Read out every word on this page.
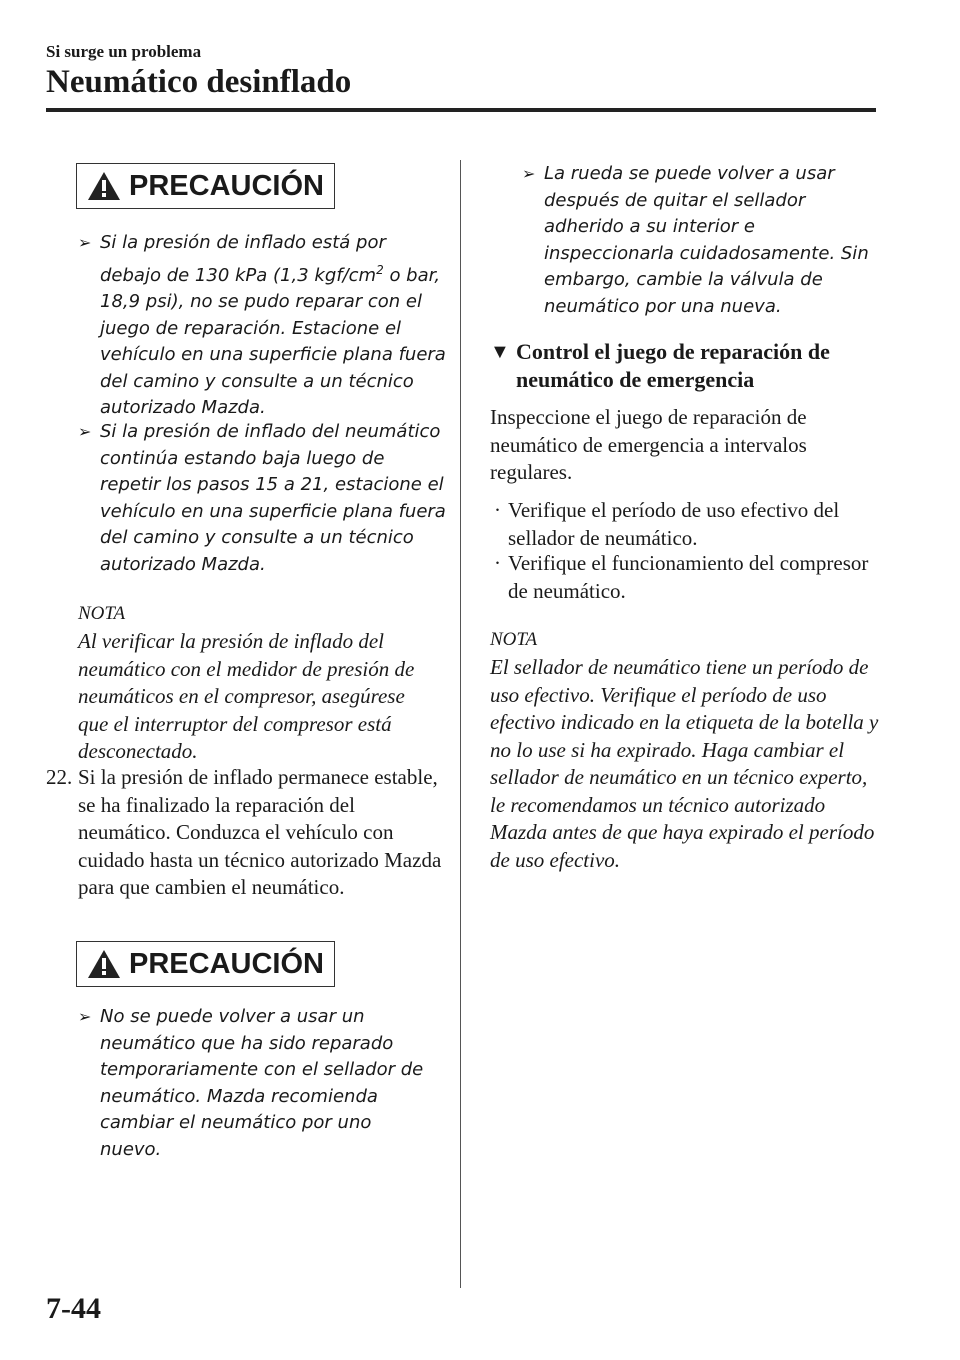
Si surge un problema
Neumático desinflado
PRECAUCIÓN
➢ Si la presión de inflado está por debajo de 130 kPa (1,3 kgf/$cm^2$ o bar, 18,9 psi), no se pudo reparar con el juego de reparación. Estacione el vehículo en una superficie plana fuera del camino y consulte a un técnico autorizado Mazda.
➢ Si la presión de inflado del neumático continúa estando baja luego de repetir los pasos 15 a 21, estacione el vehículo en una superficie plana fuera del camino y consulte a un técnico autorizado Mazda.
NOTA
Al verificar la presión de inflado del neumático con el medidor de presión de neumáticos en el compresor, asegúrese que el interruptor del compresor está desconectado.
22. Si la presión de inflado permanece estable, se ha finalizado la reparación del neumático. Conduzca el vehículo con cuidado hasta un técnico autorizado Mazda para que cambien el neumático.
PRECAUCIÓN
➢ No se puede volver a usar un neumático que ha sido reparado temporariamente con el sellador de neumático. Mazda recomienda cambiar el neumático por uno nuevo.
➢ La rueda se puede volver a usar después de quitar el sellador adherido a su interior e inspeccionarla cuidadosamente. Sin embargo, cambie la válvula de neumático por una nueva.
▼ Control el juego de reparación de neumático de emergencia
Inspeccione el juego de reparación de neumático de emergencia a intervalos regulares.
· Verifique el período de uso efectivo del sellador de neumático.
· Verifique el funcionamiento del compresor de neumático.
NOTA
El sellador de neumático tiene un período de uso efectivo. Verifique el período de uso efectivo indicado en la etiqueta de la botella y no lo use si ha expirado. Haga cambiar el sellador de neumático en un técnico experto, le recomendamos un técnico autorizado Mazda antes de que haya expirado el período de uso efectivo.
7-44
